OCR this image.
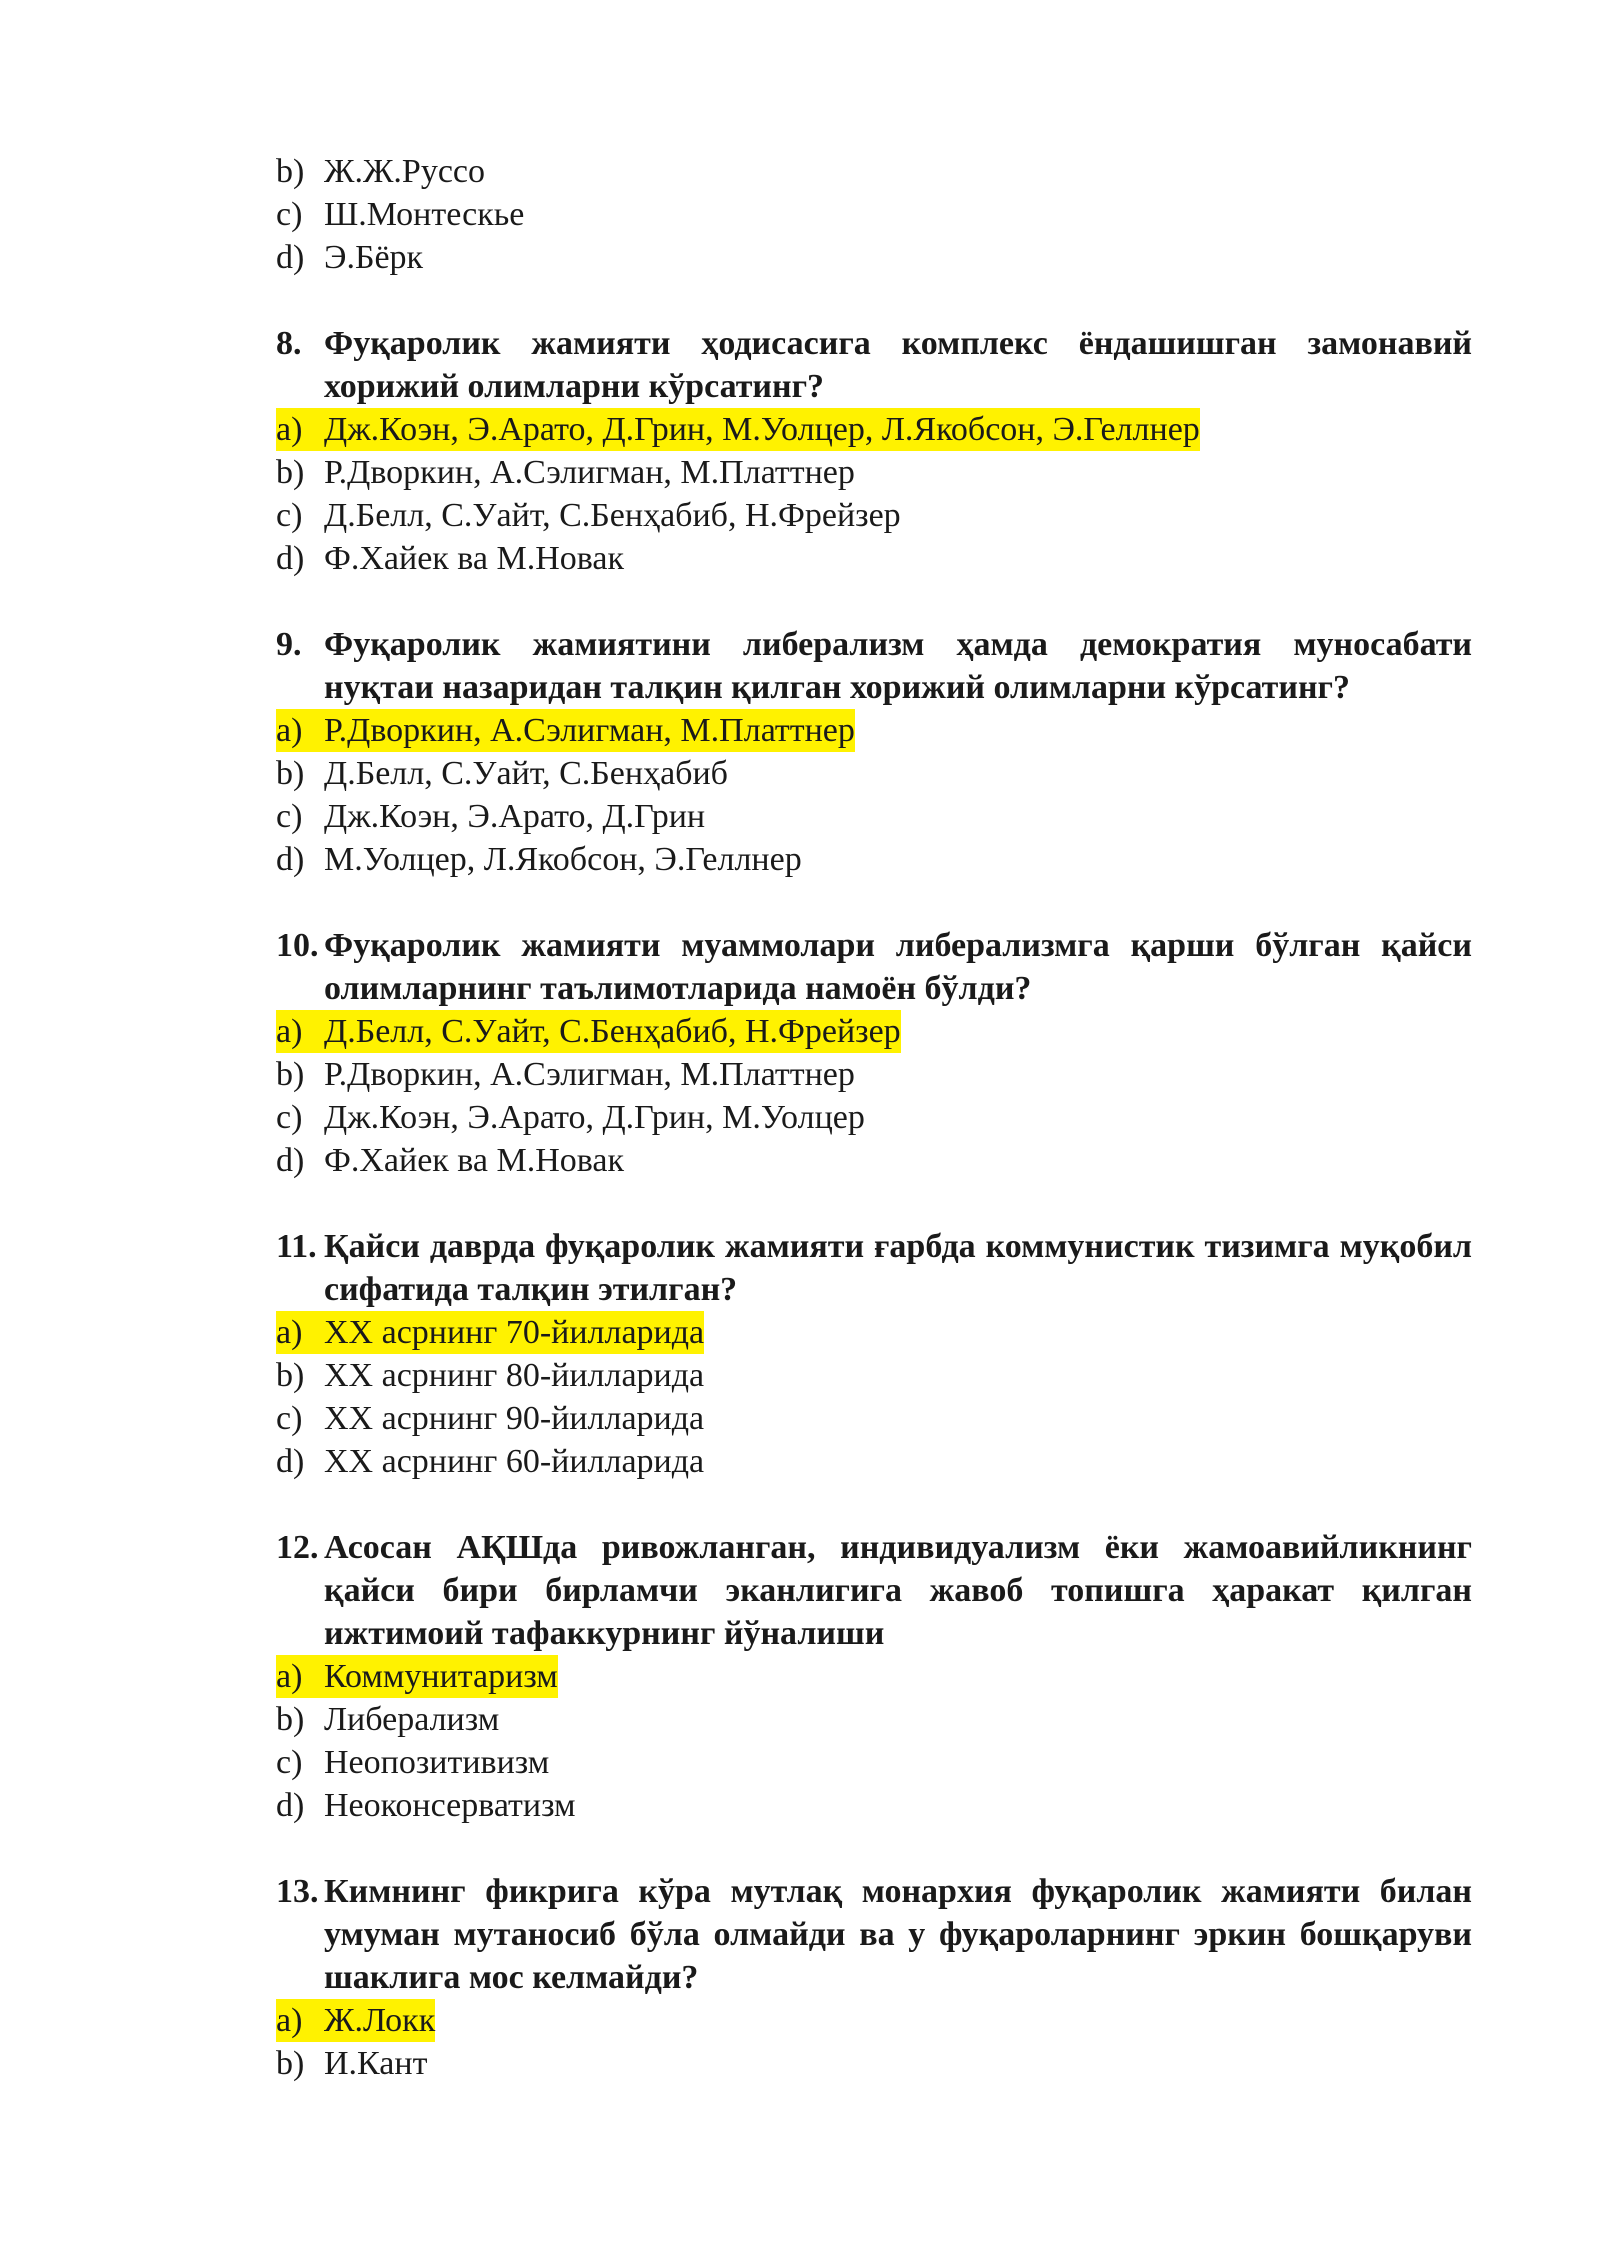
b) Ж.Ж.Руссо
c) Ш.Монтескье
d) Э.Бёрк
8. Фуқаролик жамияти ҳодисасига комплекс ёндашишган замонавий хорижий олимларни кўрсатинг?
a) Дж.Коэн, Э.Арато, Д.Грин, М.Уолцер, Л.Якобсон, Э.Геллнер
b) Р.Дворкин, А.Сэлигман, М.Платтнер
c) Д.Белл, С.Уайт, С.Бенҳабиб, Н.Фрейзер
d) Ф.Хайек ва М.Новак
9. Фуқаролик жамиятини либерализм ҳамда демократия муносабати нуқтаи назаридан талқин қилган хорижий олимларни кўрсатинг?
a) Р.Дворкин, А.Сэлигман, М.Платтнер
b) Д.Белл, С.Уайт, С.Бенҳабиб
c) Дж.Коэн, Э.Арато, Д.Грин
d) М.Уолцер, Л.Якобсон, Э.Геллнер
10. Фуқаролик жамияти муаммолари либерализмга қарши бўлган қайси олимларнинг таълимотларида намоён бўлди?
a) Д.Белл, С.Уайт, С.Бенҳабиб, Н.Фрейзер
b) Р.Дворкин, А.Сэлигман, М.Платтнер
c) Дж.Коэн, Э.Арато, Д.Грин, М.Уолцер
d) Ф.Хайек ва М.Новак
11. Қайси даврда фуқаролик жамияти ғарбда коммунистик тизимга муқобил сифатида талқин этилган?
a) XX асрнинг 70-йилларида
b) XX асрнинг 80-йилларида
c) XX асрнинг 90-йилларида
d) XX асрнинг 60-йилларида
12. Асосан АҚШда ривожланган, индивидуализм ёки жамоавийликнинг қайси бири бирламчи эканлигига жавоб топишга ҳаракат қилган ижтимоий тафаккурнинг йўналиши
a) Коммунитаризм
b) Либерализм
c) Неопозитивизм
d) Неоконсерватизм
13. Кимнинг фикрига кўра мутлақ монархия фуқаролик жамияти билан умуман мутаносиб бўла олмайди ва у фуқароларнинг эркин бошқаруви шаклига мос келмайди?
a) Ж.Локк
b) И.Кант
